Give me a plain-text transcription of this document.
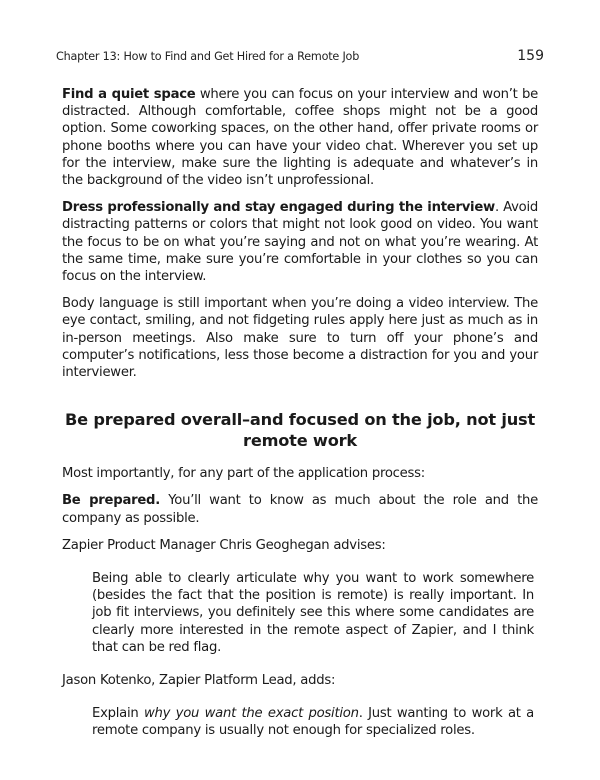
Chapter 13: How to Find and Get Hired for a Remote Job	159

Find a quiet space where you can focus on your interview and won’t be distracted. Although comfortable, coffee shops might not be a good option. Some coworking spaces, on the other hand, offer private rooms or phone booths where you can have your video chat. Wherever you set up for the interview, make sure the lighting is adequate and whatever’s in the background of the video isn’t unprofessional.

Dress professionally and stay engaged during the interview. Avoid distracting patterns or colors that might not look good on video. You want the focus to be on what you’re saying and not on what you’re wearing. At the same time, make sure you’re comfortable in your clothes so you can focus on the interview.

Body language is still important when you’re doing a video interview. The eye contact, smiling, and not fidgeting rules apply here just as much as in in-person meetings. Also make sure to turn off your phone’s and computer’s notifications, less those become a distraction for you and your interviewer.

Be prepared overall–and focused on the job, not just remote work

Most importantly, for any part of the application process:

Be prepared. You’ll want to know as much about the role and the company as possible.

Zapier Product Manager Chris Geoghegan advises:

Being able to clearly articulate why you want to work somewhere (besides the fact that the position is remote) is really important. In job fit interviews, you definitely see this where some candidates are clearly more interested in the remote aspect of Zapier, and I think that can be red flag.

Jason Kotenko, Zapier Platform Lead, adds:

Explain why you want the exact position. Just wanting to work at a remote company is usually not enough for specialized roles.
